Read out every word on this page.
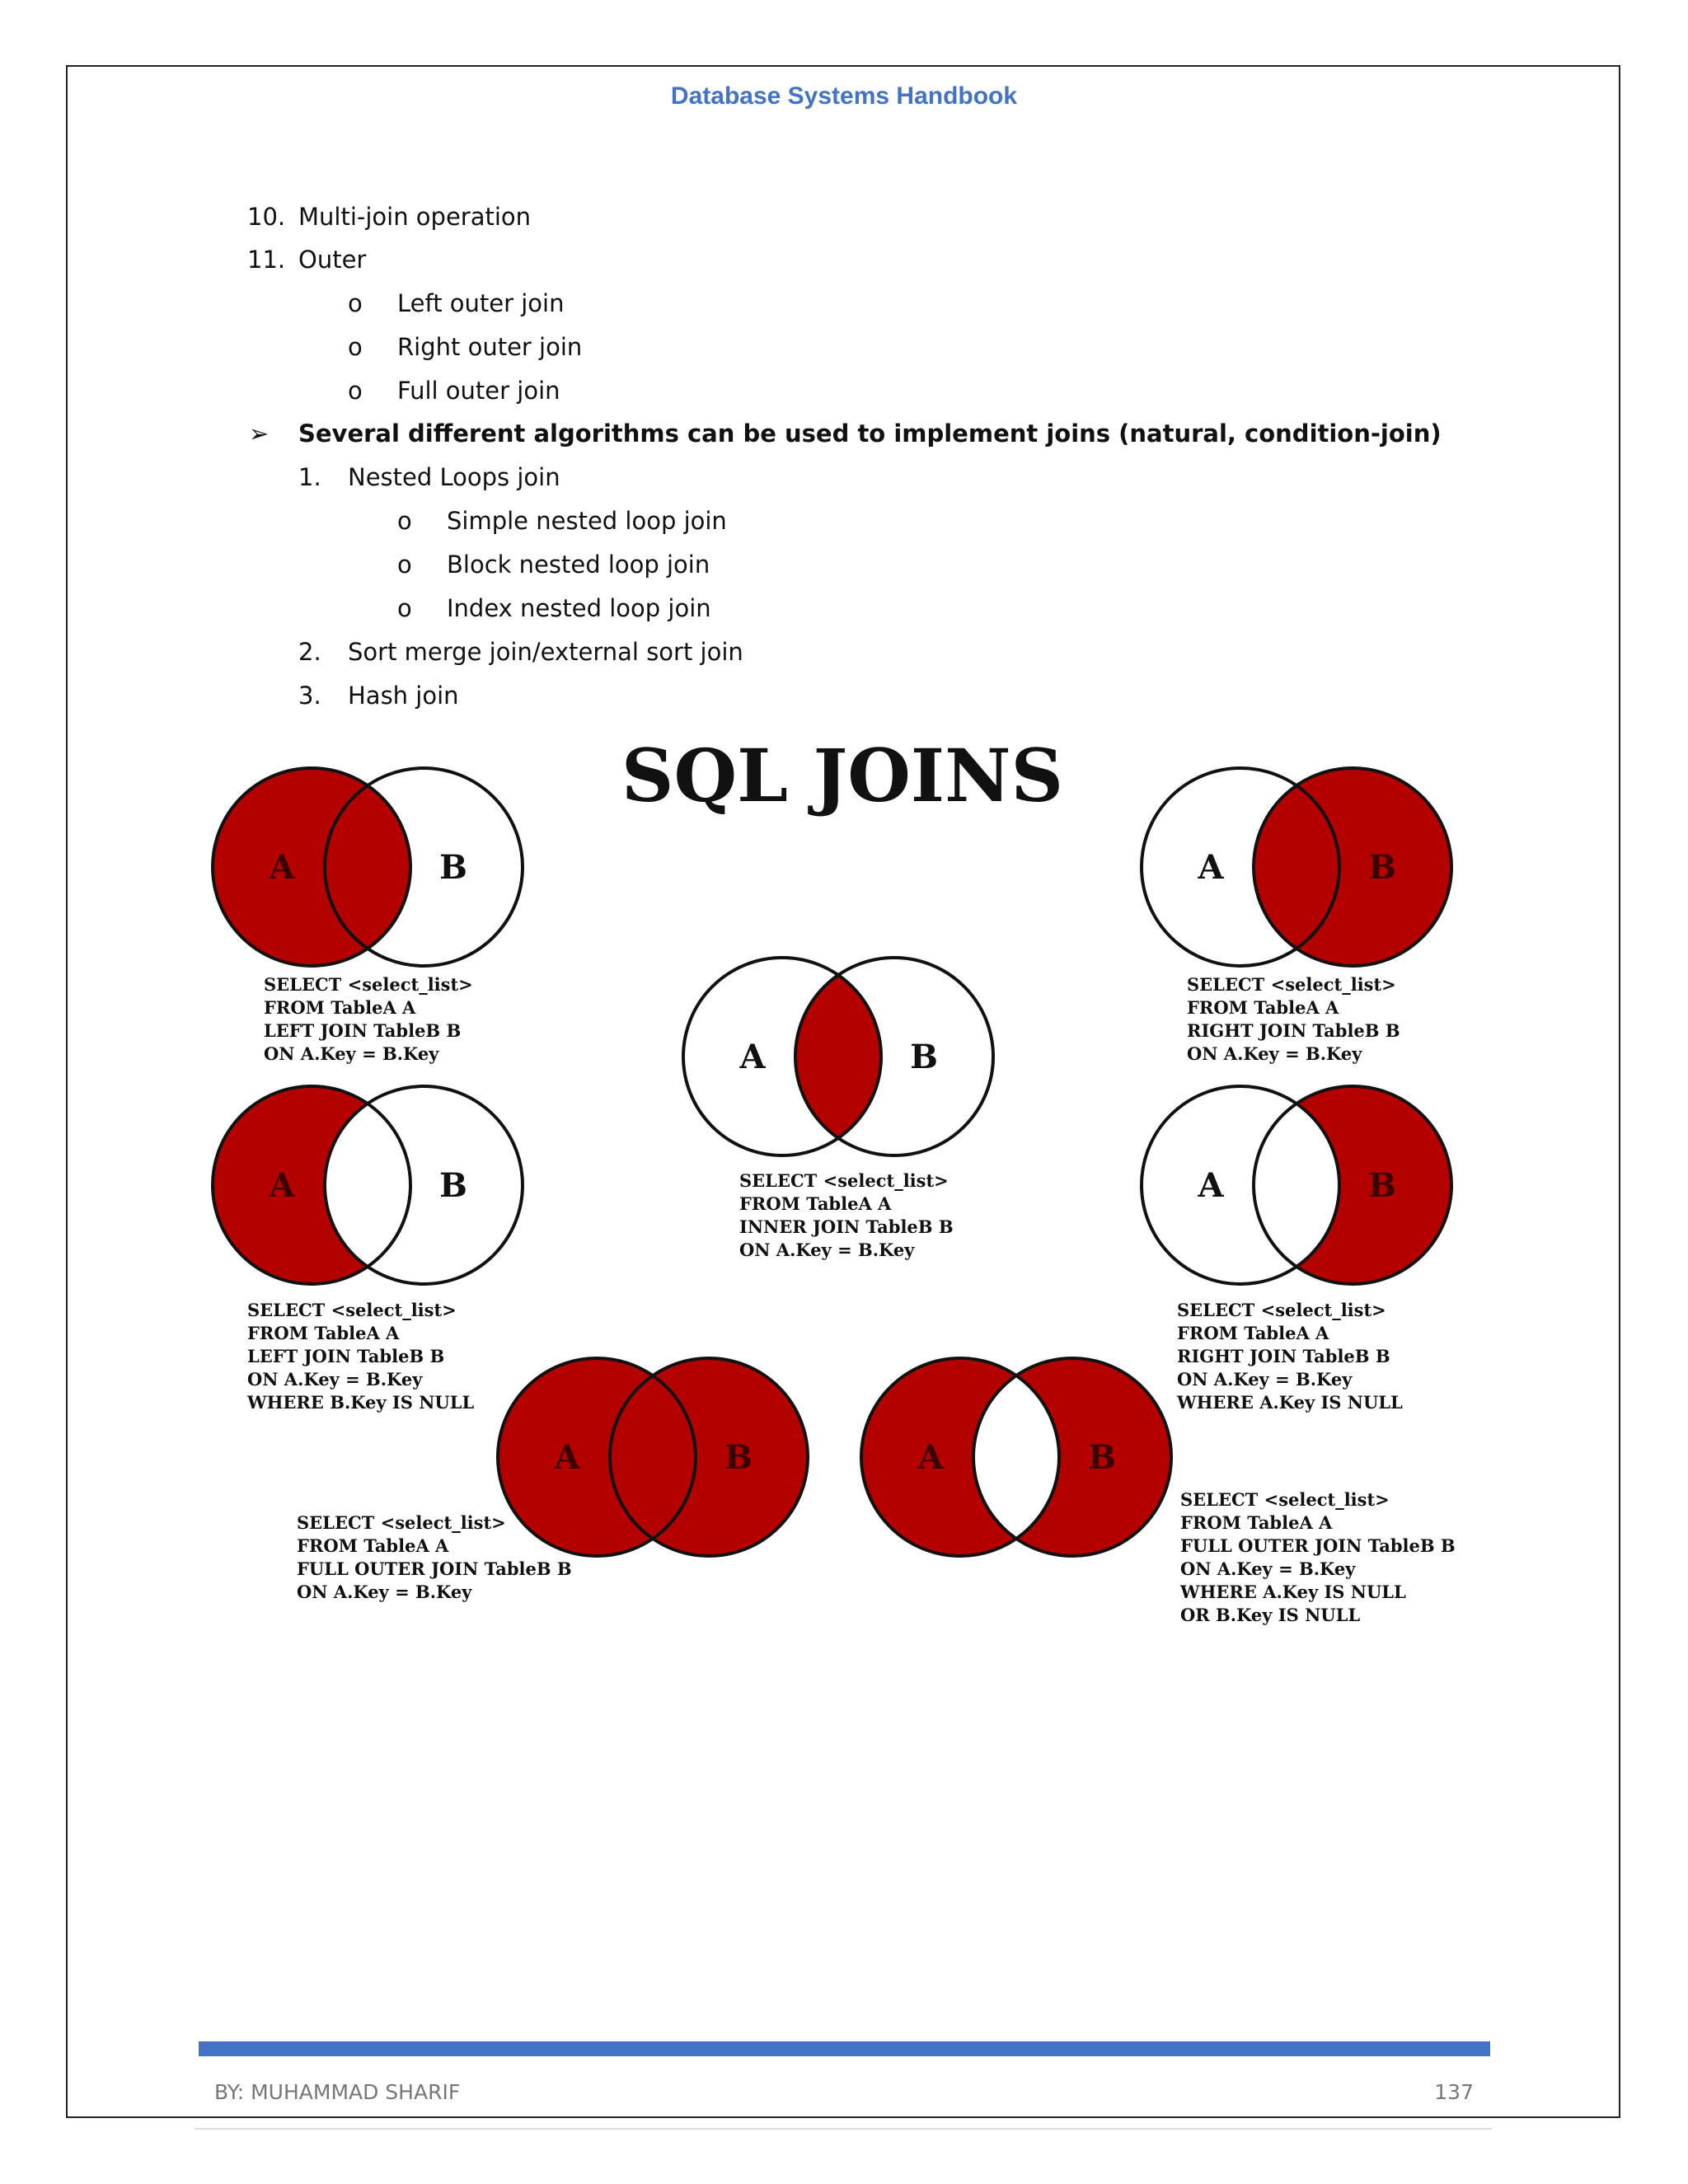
Database Systems Handbook
10. Multi-join operation
11. Outer
o Left outer join
o Right outer join
o Full outer join
➢ Several different algorithms can be used to implement joins (natural, condition-join)
1. Nested Loops join
o Simple nested loop join
o Block nested loop join
o Index nested loop join
2. Sort merge join/external sort join
3. Hash join
SQL JOINS
A	B
SELECT <select_list>
FROM TableA A
LEFT JOIN TableB B
ON A.Key = B.Key
A	B
SELECT <select_list>
FROM TableA A
RIGHT JOIN TableB B
ON A.Key = B.Key
A	B
SELECT <select_list>
FROM TableA A
INNER JOIN TableB B
ON A.Key = B.Key
A	B
SELECT <select_list>
FROM TableA A
LEFT JOIN TableB B
ON A.Key = B.Key
WHERE B.Key IS NULL
A	B
SELECT <select_list>
FROM TableA A
RIGHT JOIN TableB B
ON A.Key = B.Key
WHERE A.Key IS NULL
A	B
SELECT <select_list>
FROM TableA A
FULL OUTER JOIN TableB B
ON A.Key = B.Key
A	B
SELECT <select_list>
FROM TableA A
FULL OUTER JOIN TableB B
ON A.Key = B.Key
WHERE A.Key IS NULL
OR B.Key IS NULL
BY: MUHAMMAD SHARIF	137
